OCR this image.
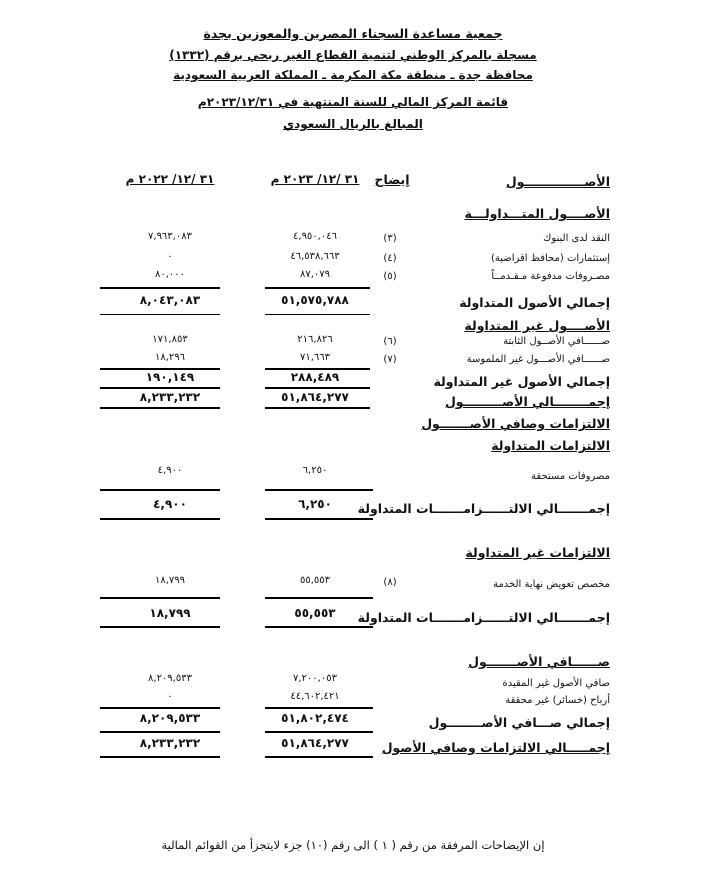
جمعية مساعدة السجناء المصرين والمعوزين بجدة
مسجلة بالمركز الوطني لتنمية القطاع الغير ربحي برقم (١٣٣٢)
محافظة جدة ـ منطقة مكة المكرمة ـ المملكة العربية السعودية
قائمة المركز المالي للسنة المنتهية في ٢٠٢٣/١٢/٣١م
المبالغ بالريال السعودي
الأصــــــــــــــول
إيضاح
٣١ /١٢/ ٢٠٢٣ م
٣١ /١٢/ ٢٠٢٢ م
الأصــــول المتـــداولـــة
النقد لدى البنوك
(٣)
٤,٩٥٠,٠٤٦
٧,٩٦٣,٠٨٣
إستثمارات (محافظ اقراضية)
(٤)
٤٦,٥٣٨,٦٦٣
٠
مصـروفات مدفوعة مـقـدمــاً
(٥)
٨٧,٠٧٩
٨٠,٠٠٠
إجمالي الأصول المتداولة
٥١,٥٧٥,٧٨٨
٨,٠٤٣,٠٨٣
الأصــــول غير المتداولة
صــــــافي الأصــول الثابتة
(٦)
٢١٦,٨٢٦
١٧١,٨٥٣
صــــــافي الأصـــول غير الملموسة
(٧)
٧١,٦٦٣
١٨,٢٩٦
إجمالي الأصول غير المتداولة
٢٨٨,٤٨٩
١٩٠,١٤٩
إجمــــــــالي الأصـــــــــول
٥١,٨٦٤,٢٧٧
٨,٢٣٣,٢٣٢
الالتزامات وصافي الأصـــــــول
الالتزامات المتداولة
مصروفات مستحقة
٦,٢٥٠
٤,٩٠٠
إجمـــــــالي الالتــــــزامـــــــات المتداولة
٦,٢٥٠
٤,٩٠٠
الالتزامات غير المتداولة
مخصص تعويض نهاية الخدمة
(٨)
٥٥,٥٥٣
١٨,٧٩٩
إجمـــــــالي الالتــــــزامـــــــات المتداولة
٥٥,٥٥٣
١٨,٧٩٩
صــــــافي الأصـــــــول
صافي الأصول غير المقيدة
٧,٢٠٠,٠٥٣
٨,٢٠٩,٥٣٣
أرباح (خسائر) غير محققة
٤٤,٦٠٢,٤٢١
٠
إجمالي صـــافي الأصــــــــول
٥١,٨٠٢,٤٧٤
٨,٢٠٩,٥٣٣
إجمـــــالي الالتزامات وصافي الأصول
٥١,٨٦٤,٢٧٧
٨,٢٣٣,٢٣٢
إن الإيضاحات المرفقة من رقم ( ١ ) الى رقم (١٠) جزء لايتجزأ من القوائم المالية
